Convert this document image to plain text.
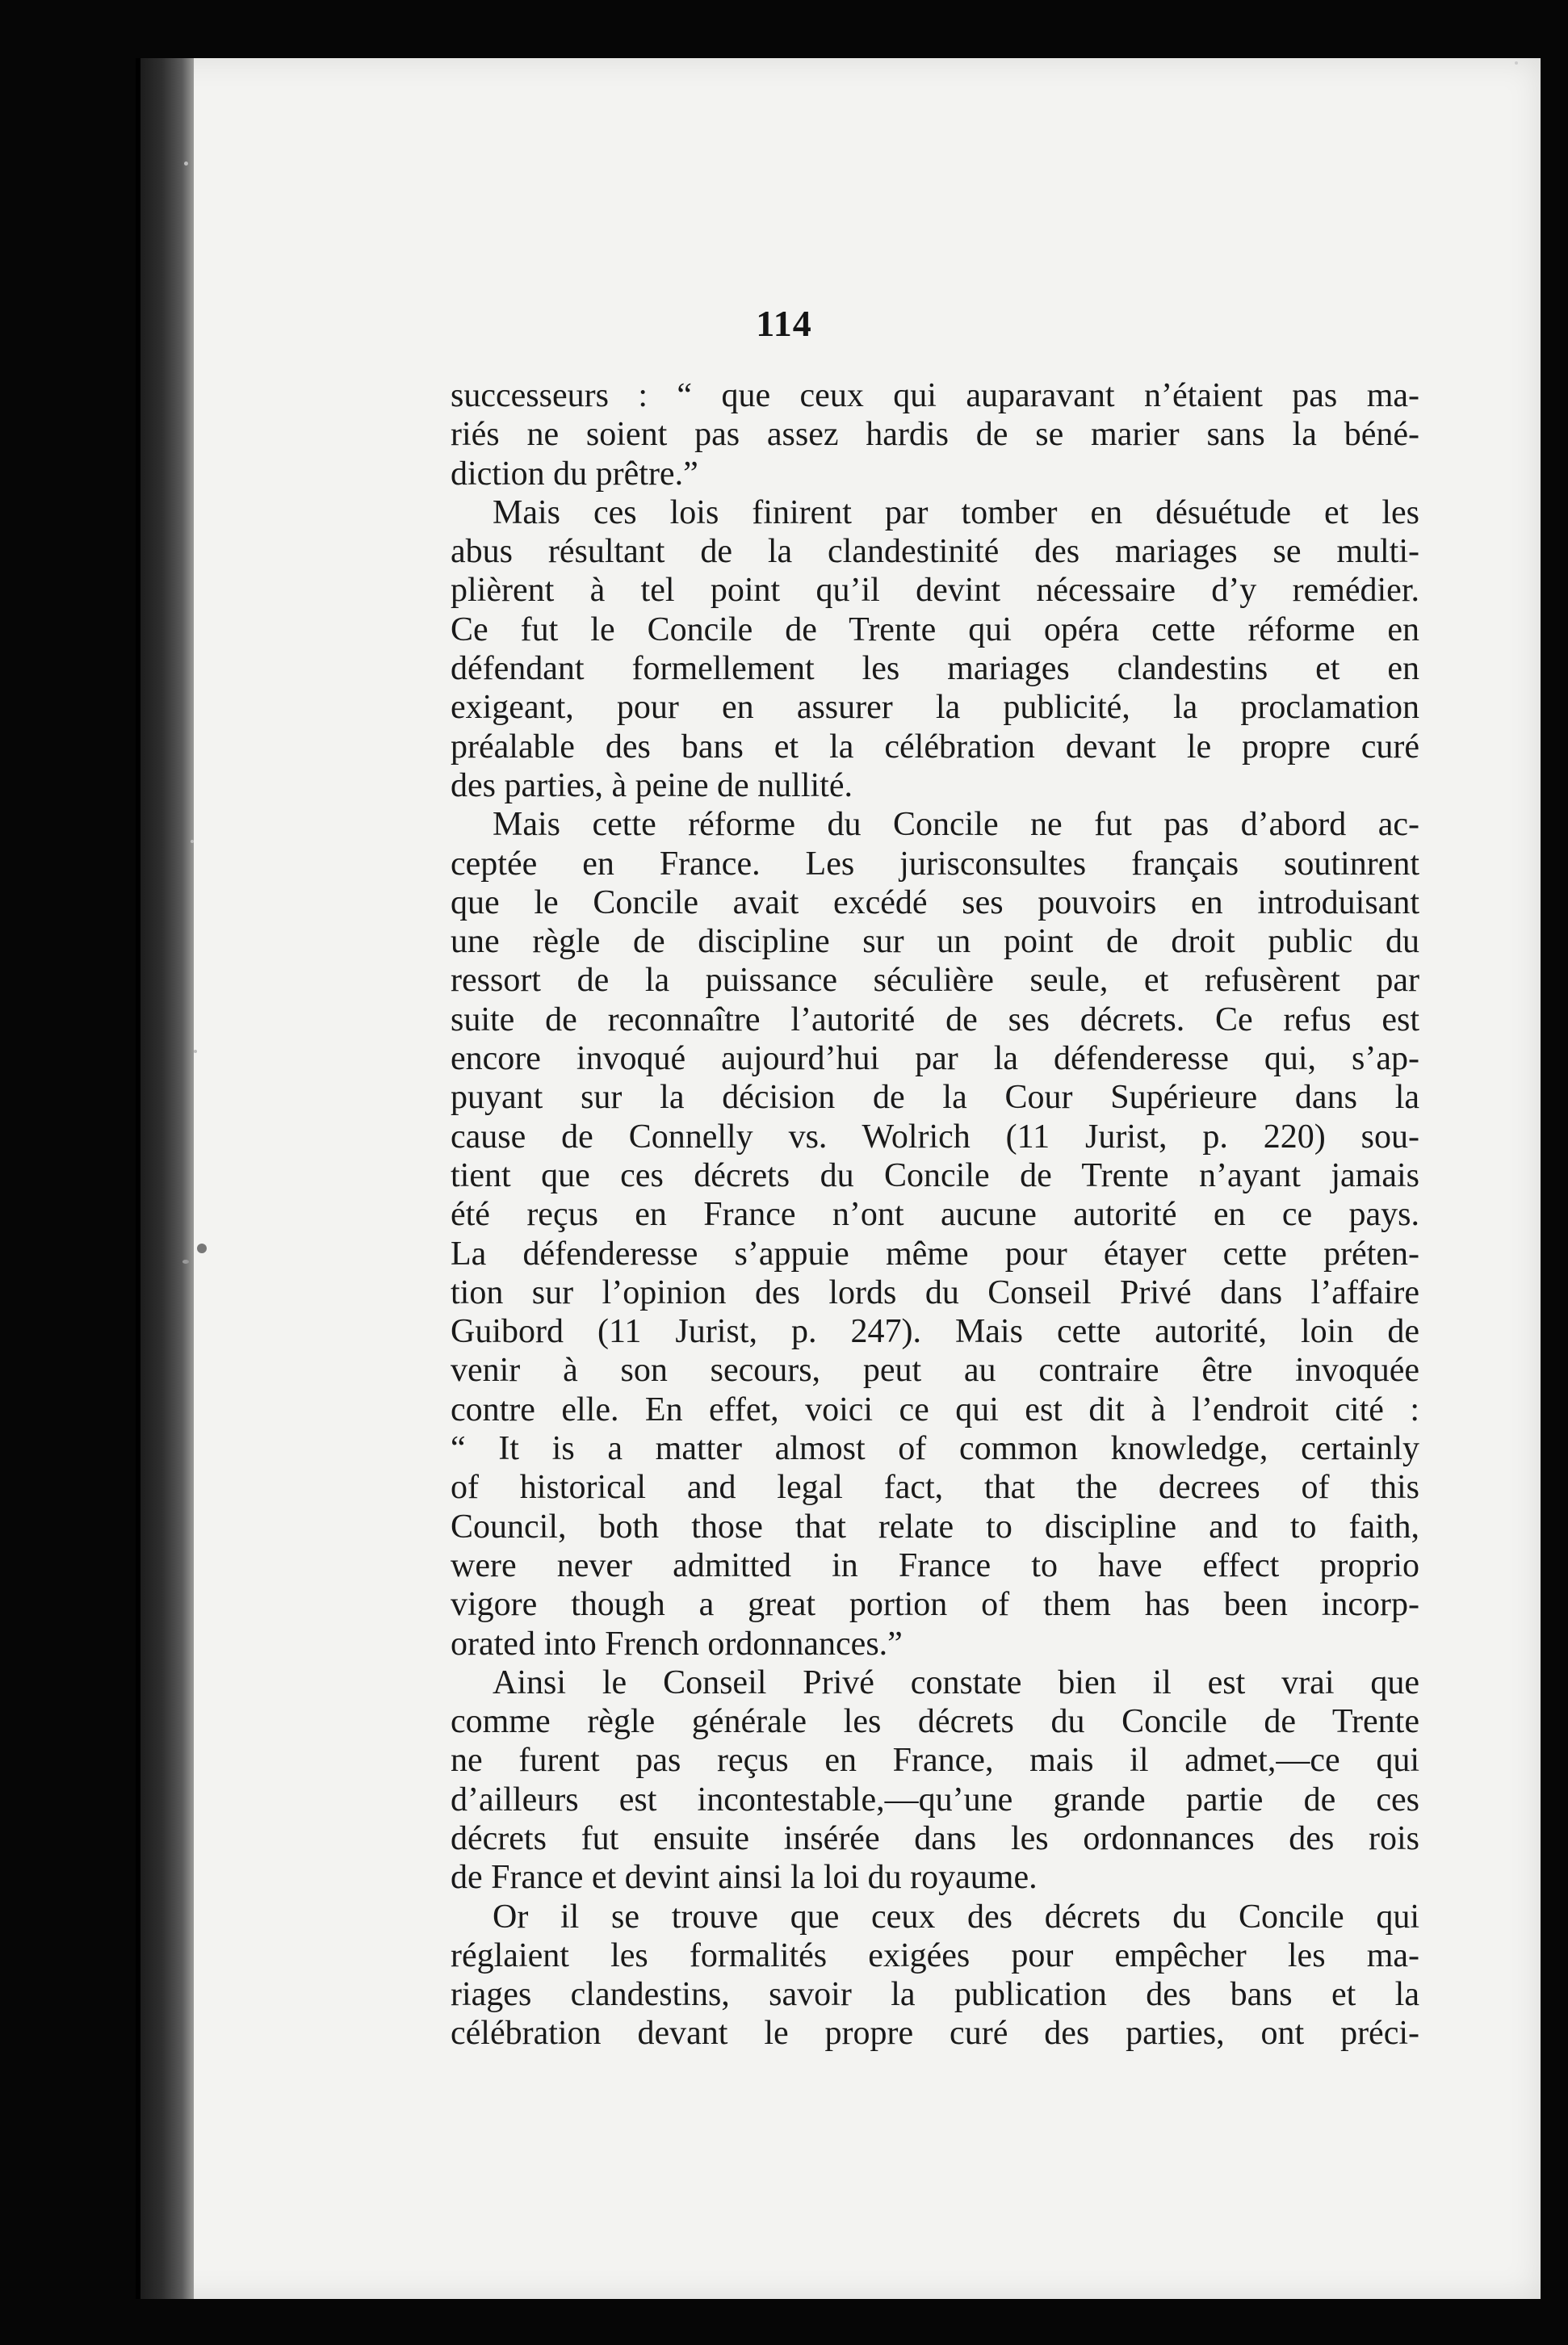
114
successeurs : “ que ceux qui auparavant n’étaient pas ma-
riés ne soient pas assez hardis de se marier sans la béné-
diction du prêtre.”
Mais ces lois finirent par tomber en désuétude et les
abus résultant de la clandestinité des mariages se multi-
plièrent à tel point qu’il devint nécessaire d’y remédier.
Ce fut le Concile de Trente qui opéra cette réforme en
défendant formellement les mariages clandestins et en
exigeant, pour en assurer la publicité, la proclamation
préalable des bans et la célébration devant le propre curé
des parties, à peine de nullité.
Mais cette réforme du Concile ne fut pas d’abord ac-
ceptée en France. Les jurisconsultes français soutinrent
que le Concile avait excédé ses pouvoirs en introduisant
une règle de discipline sur un point de droit public du
ressort de la puissance séculière seule, et refusèrent par
suite de reconnaître l’autorité de ses décrets. Ce refus est
encore invoqué aujourd’hui par la défenderesse qui, s’ap-
puyant sur la décision de la Cour Supérieure dans la
cause de Connelly vs. Wolrich (11 Jurist, p. 220) sou-
tient que ces décrets du Concile de Trente n’ayant jamais
été reçus en France n’ont aucune autorité en ce pays.
La défenderesse s’appuie même pour étayer cette préten-
tion sur l’opinion des lords du Conseil Privé dans l’affaire
Guibord (11 Jurist, p. 247). Mais cette autorité, loin de
venir à son secours, peut au contraire être invoquée
contre elle. En effet, voici ce qui est dit à l’endroit cité :
“ It is a matter almost of common knowledge, certainly
of historical and legal fact, that the decrees of this
Council, both those that relate to discipline and to faith,
were never admitted in France to have effect proprio
vigore though a great portion of them has been incorp-
orated into French ordonnances.”
Ainsi le Conseil Privé constate bien il est vrai que
comme règle générale les décrets du Concile de Trente
ne furent pas reçus en France, mais il admet,—ce qui
d’ailleurs est incontestable,—qu’une grande partie de ces
décrets fut ensuite insérée dans les ordonnances des rois
de France et devint ainsi la loi du royaume.
Or il se trouve que ceux des décrets du Concile qui
réglaient les formalités exigées pour empêcher les ma-
riages clandestins, savoir la publication des bans et la
célébration devant le propre curé des parties, ont préci-
